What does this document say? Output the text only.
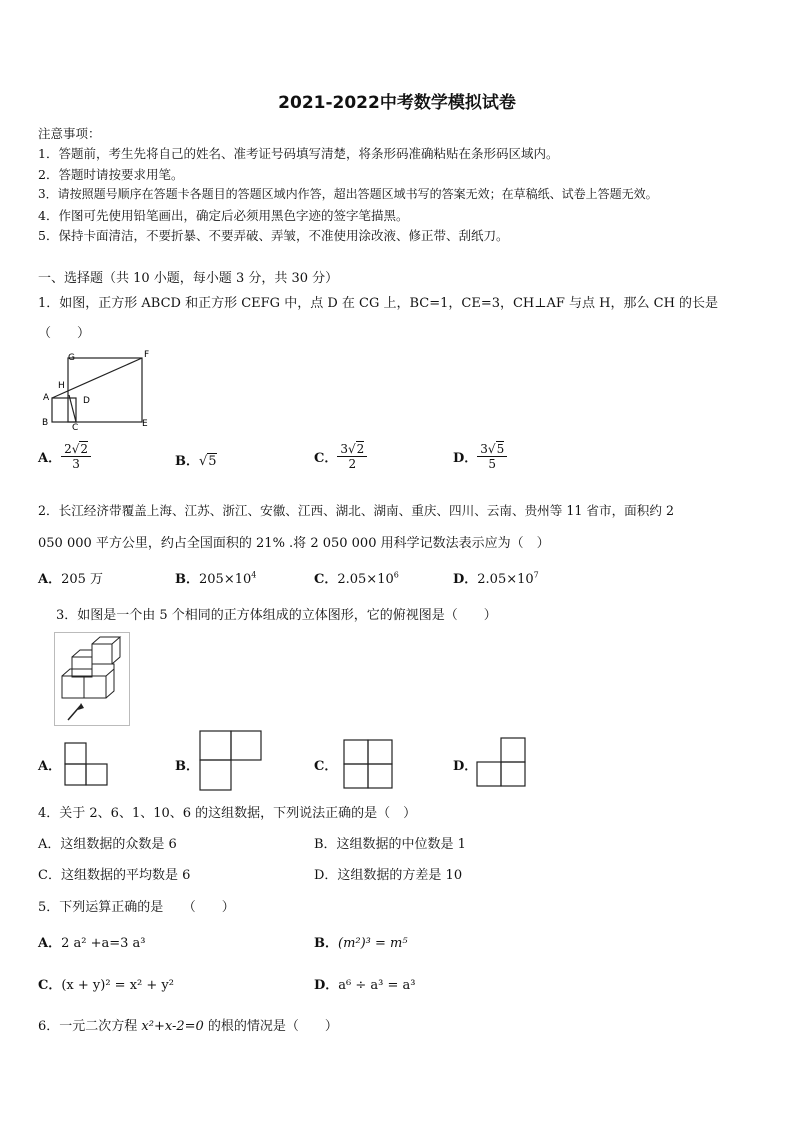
2021-2022中考数学模拟试卷
注意事项：
1．答题前，考生先将自己的姓名、准考证号码填写清楚，将条形码准确粘贴在条形码区域内。
2．答题时请按要求用笔。
3．请按照题号顺序在答题卡各题目的答题区域内作答，超出答题区域书写的答案无效；在草稿纸、试卷上答题无效。
4．作图可先使用铅笔画出，确定后必须用黑色字迹的签字笔描黑。
5．保持卡面清洁，不要折暴、不要弄破、弄皱，不准使用涂改液、修正带、刮纸刀。
一、选择题（共 10 小题，每小题 3 分，共 30 分）
1．如图，正方形 ABCD 和正方形 CEFG 中，点 D 在 CG 上，BC=1，CE=3，CH⊥AF 与点 H，那么 CH 的长是
（　　）
G	F
H
A	D
B	C	E
A． $\frac{2√2}{3}$	B．√5	C． $\frac{3√2}{2}$	D． $\frac{3√5}{5}$
2．长江经济带覆盖上海、江苏、浙江、安徽、江西、湖北、湖南、重庆、四川、云南、贵州等 11 省市，面积约 2
050 000 平方公里，约占全国面积的 21% .将 2 050 000 用科学记数法表示应为（　）
A．205 万	B．$205\times 10^4$	C．$2.05\times 10^6$	D．$2.05\times 10^7$
3．如图是一个由 5 个相同的正方体组成的立体图形，它的俯视图是（　　）
A．	B．	C．	D．
4．关于 2、6、1、10、6 的这组数据，下列说法正确的是（　）
A．这组数据的众数是 6	B．这组数据的中位数是 1
C．这组数据的平均数是 6	D．这组数据的方差是 10
5．下列运算正确的是　　（　　）
A．2 a² +a=3 a³	B．(m²)³ = m⁵
C．(x + y)² = x² + y²	D．a⁶ ÷ a³ = a³
6．一元二次方程 x²+x-2=0 的根的情况是（　　）
